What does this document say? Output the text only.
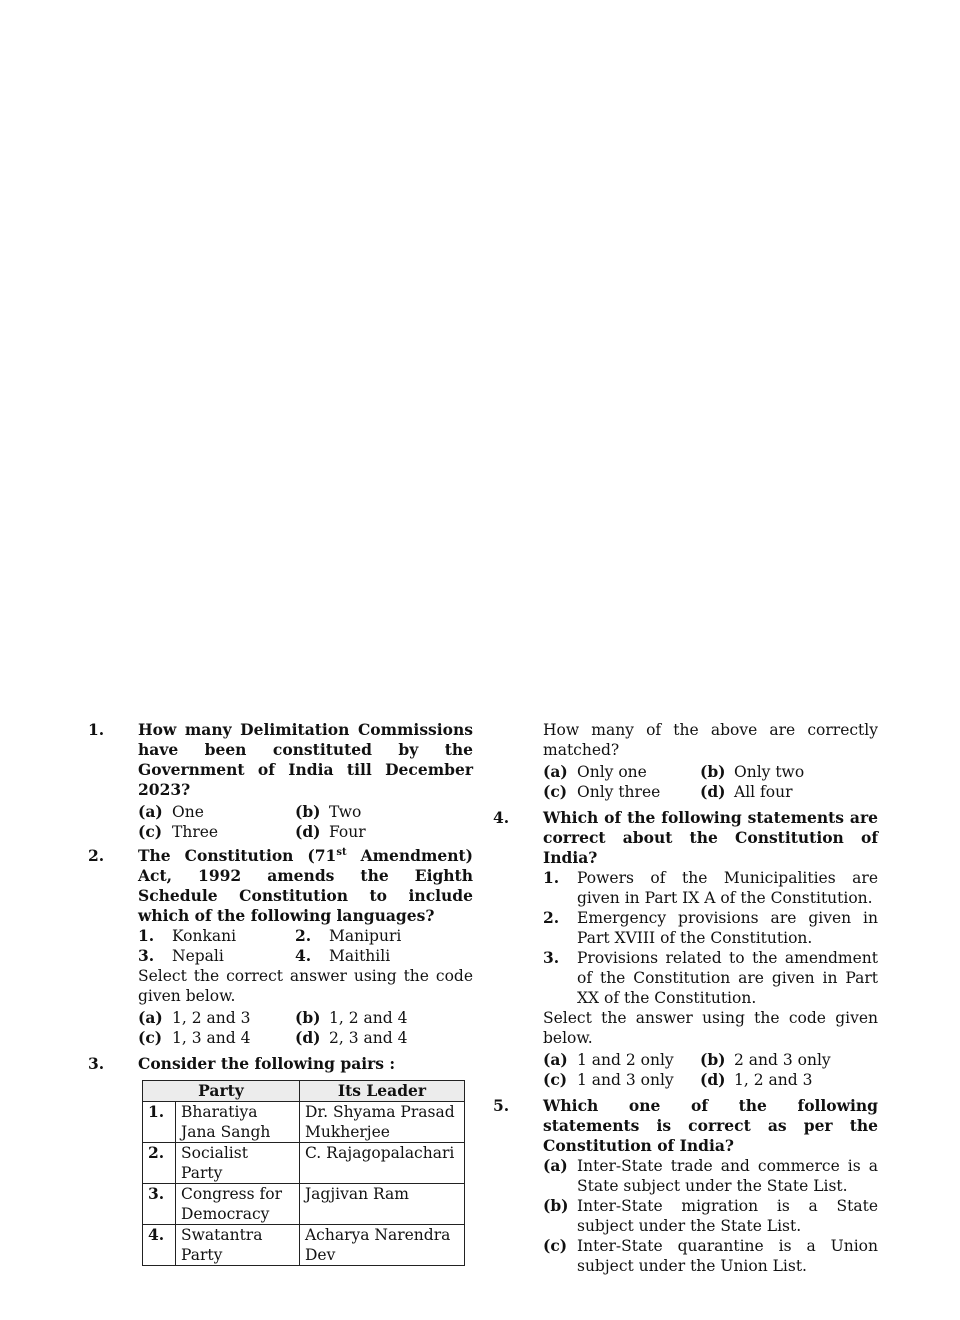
1. How many Delimitation Commissions have been constituted by the Government of India till December 2023?
(a) One	(b) Two
(c) Three	(d) Four
2. The Constitution (71st Amendment) Act, 1992 amends the Eighth Schedule Constitution to include which of the following languages?
1. Konkani	2. Manipuri
3. Nepali	4. Maithili
Select the correct answer using the code given below.
(a) 1, 2 and 3	(b) 1, 2 and 4
(c) 1, 3 and 4	(d) 2, 3 and 4
3. Consider the following pairs :
Party		Its Leader
1.	Bharatiya Jana Sangh	Dr. Shyama Prasad Mukherjee
2.	Socialist Party	C. Rajagopalachari
3.	Congress for Democracy	Jagjivan Ram
4.	Swatantra Party	Acharya Narendra Dev
How many of the above are correctly matched?
(a) Only one	(b) Only two
(c) Only three	(d) All four
4. Which of the following statements are correct about the Constitution of India?
1. Powers of the Municipalities are given in Part IX A of the Constitution.
2. Emergency provisions are given in Part XVIII of the Constitution.
3. Provisions related to the amendment of the Constitution are given in Part XX of the Constitution.
Select the answer using the code given below.
(a) 1 and 2 only	(b) 2 and 3 only
(c) 1 and 3 only	(d) 1, 2 and 3
5. Which one of the following statements is correct as per the Constitution of India?
(a) Inter-State trade and commerce is a State subject under the State List.
(b) Inter-State migration is a State subject under the State List.
(c) Inter-State quarantine is a Union subject under the Union List.
